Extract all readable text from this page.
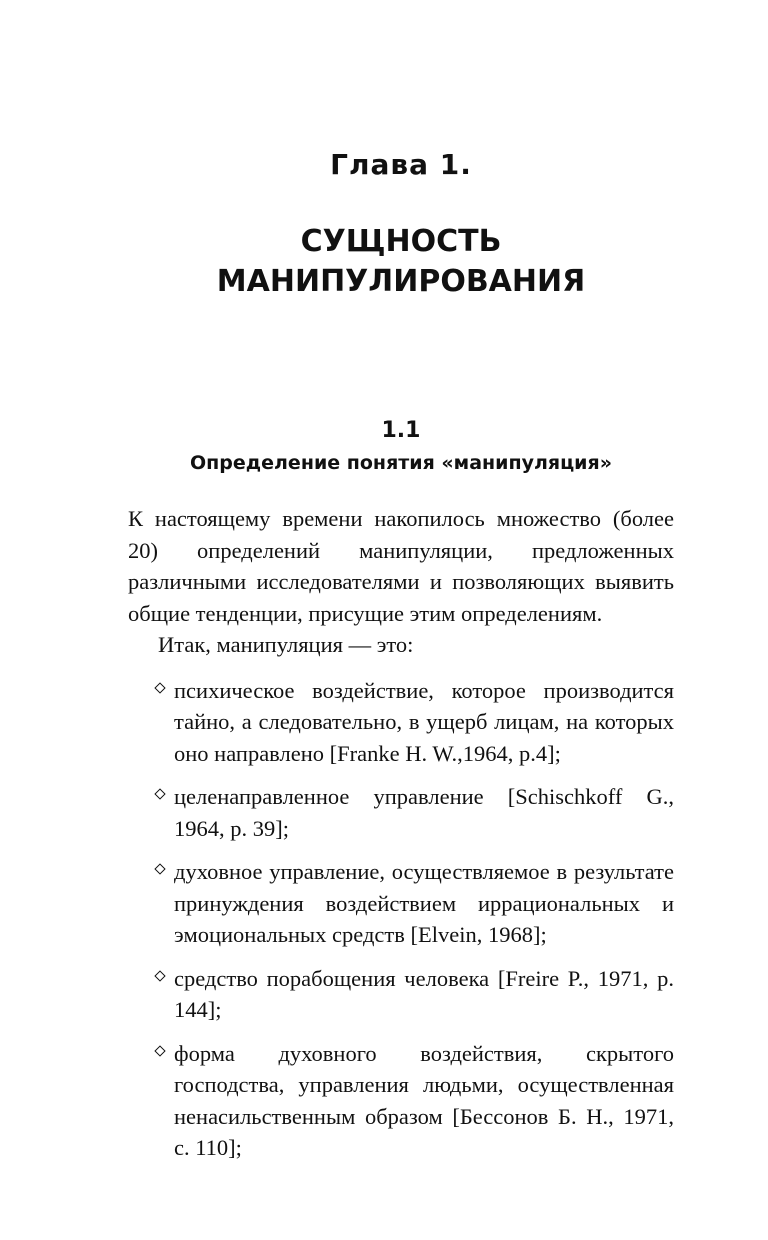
Глава 1.
СУЩНОСТЬ
МАНИПУЛИРОВАНИЯ
1.1
Определение понятия «манипуляция»

К настоящему времени накопилось множество (более 20) определений манипуляции, предложенных различными исследователями и позволяющих выявить общие тенденции, присущие этим определениям.

Итак, манипуляция — это:

психическое воздействие, которое производится тайно, а следовательно, в ущерб лицам, на которых оно направлено [Franke H. W.,1964, p.4];
целенаправленное управление [Schischkoff G., 1964, p. 39];
духовное управление, осуществляемое в результате принуждения воздействием иррациональных и эмоциональных средств [Elvein, 1968];
средство порабощения человека [Freire P., 1971, p. 144];
форма духовного воздействия, скрытого господства, управления людьми, осуществленная ненасильственным образом [Бессонов Б. Н., 1971, с. 110];
